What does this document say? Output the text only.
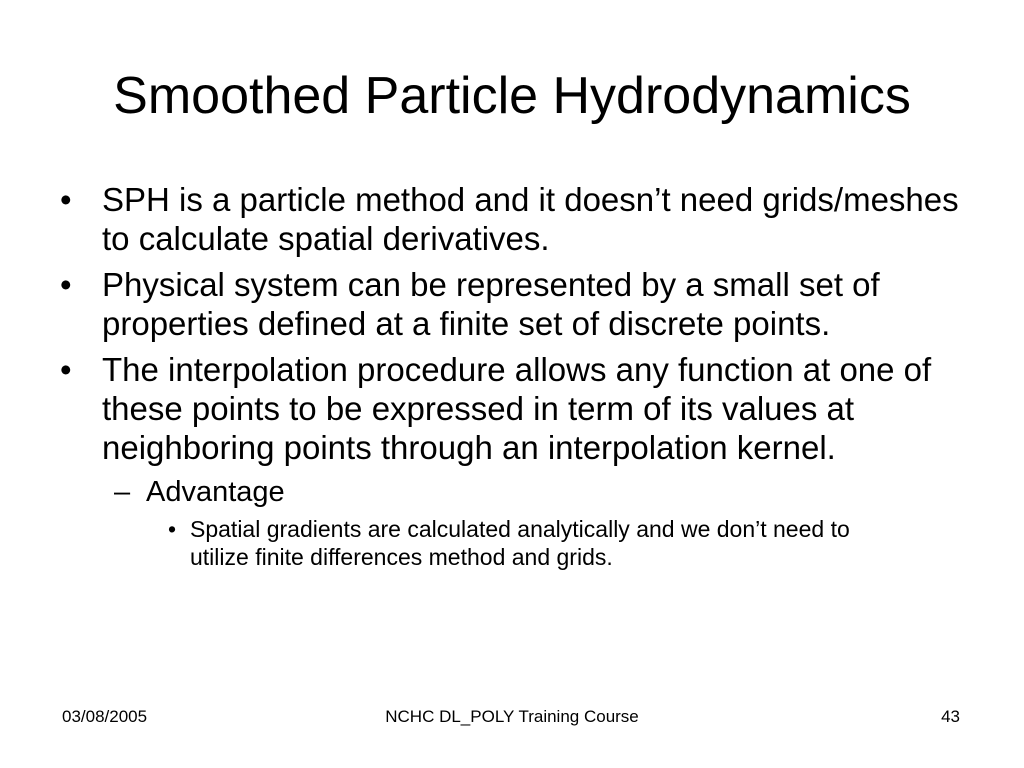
Smoothed Particle Hydrodynamics
• SPH is a particle method and it doesn’t need grids/meshes to calculate spatial derivatives.
• Physical system can be represented by a small set of properties defined at a finite set of discrete points.
• The interpolation procedure allows any function at one of these points to be expressed in term of its values at neighboring points through an interpolation kernel.
– Advantage
• Spatial gradients are calculated analytically and we don’t need to utilize finite differences method and grids.
03/08/2005	NCHC DL_POLY Training Course	43
